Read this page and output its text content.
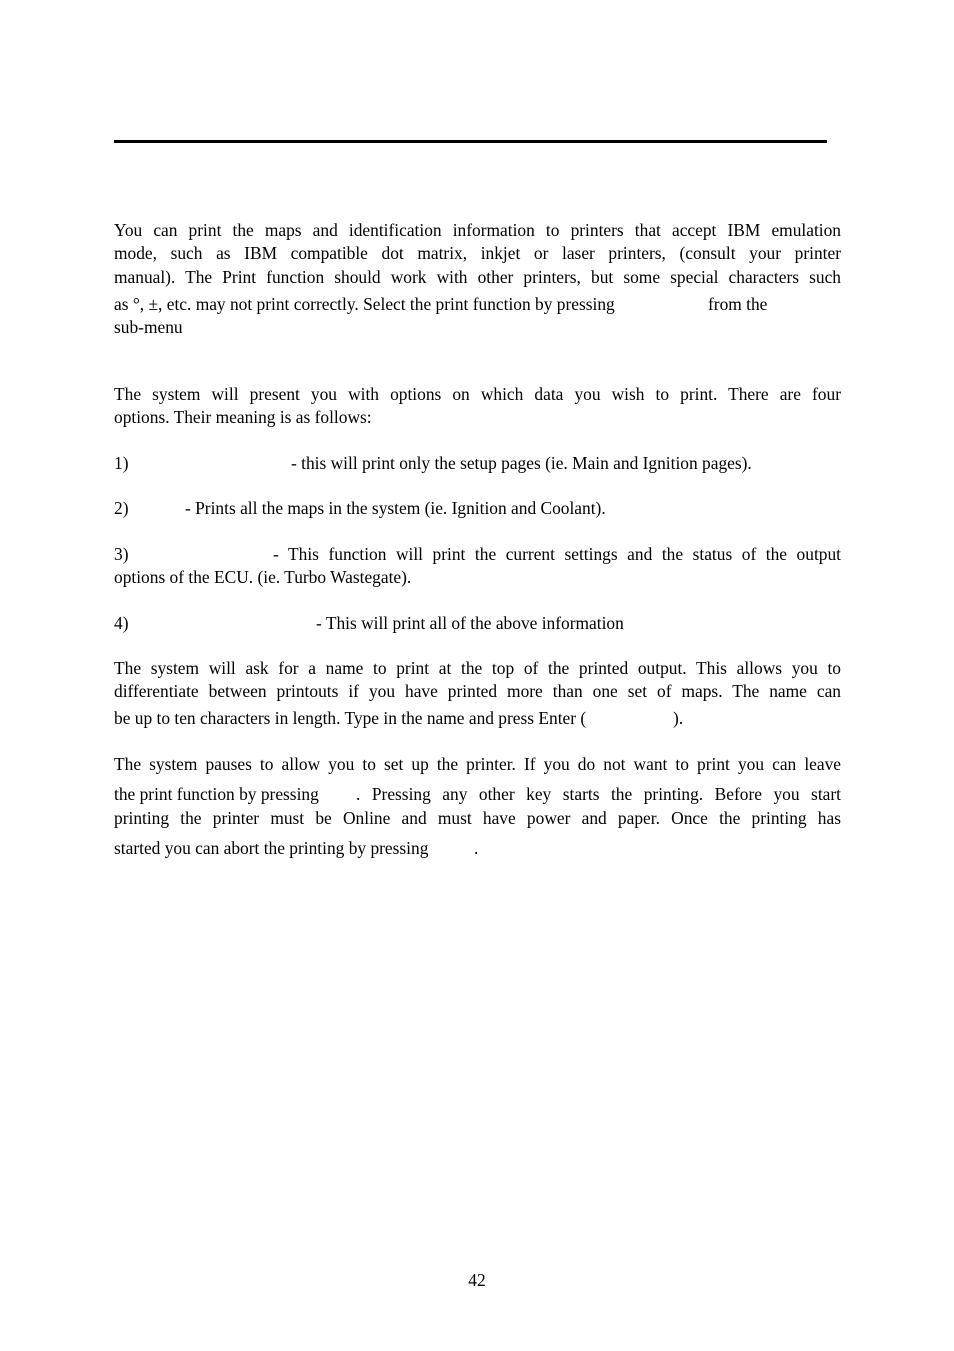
You can print the maps and identification information to printers that accept IBM emulation
mode, such as IBM compatible dot matrix, inkjet or laser printers, (consult your printer
manual). The Print function should work with other printers, but some special characters such
as °, ±, etc. may not print correctly. Select the print function by pressing	from the
sub-menu
The system will present you with options on which data you wish to print. There are four
options. Their meaning is as follows:
1)	- this will print only the setup pages (ie. Main and Ignition pages).
2)	- Prints all the maps in the system (ie. Ignition and Coolant).
3)	- This function will print the current settings and the status of the output
options of the ECU. (ie. Turbo Wastegate).
4)	- This will print all of the above information
The system will ask for a name to print at the top of the printed output. This allows you to
differentiate between printouts if you have printed more than one set of maps. The name can
be up to ten characters in length. Type in the name and press Enter (	).
The system pauses to allow you to set up the printer. If you do not want to print you can leave
the print function by pressing . Pressing any other key starts the printing. Before you start
printing the printer must be Online and must have power and paper. Once the printing has
started you can abort the printing by pressing	.
42
